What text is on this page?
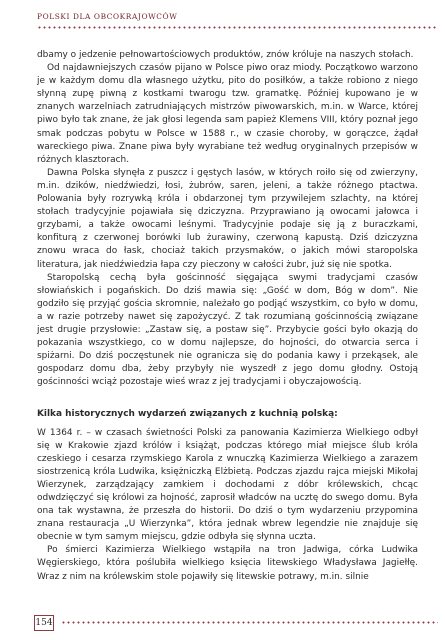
POLSKI DLA OBCOKRAJOWCÓW

dbamy o jedzenie pełnowartościowych produktów, znów króluje na naszych stołach.

Od najdawniejszych czasów pijano w Polsce piwo oraz miody. Początkowo warzono je w każdym domu dla własnego użytku, pito do posiłków, a także robiono z niego słynną zupę piwną z kostkami twarogu tzw. gramatkę. Później kupowano je w znanych warzelniach zatrudniających mistrzów piwowarskich, m.in. w Warce, której piwo było tak znane, że jak głosi legenda sam papież Klemens VIII, który poznał jego smak podczas pobytu w Polsce w 1588 r., w czasie choroby, w gorączce, żądał wareckiego piwa. Znane piwa były wyrabiane też według oryginalnych przepisów w różnych klasztorach.

Dawna Polska słynęła z puszcz i gęstych lasów, w których roiło się od zwierzyny, m.in. dzików, niedźwiedzi, łosi, żubrów, saren, jeleni, a także różnego ptactwa. Polowania były rozrywką króla i obdarzonej tym przywilejem szlachty, na której stołach tradycyjnie pojawiała się dziczyzna. Przyprawiano ją owocami jałowca i grzybami, a także owocami leśnymi. Tradycyjnie podaje się ją z buraczkami, konfiturą z czerwonej borówki lub żurawiny, czerwoną kapustą. Dziś dziczyzna znowu wraca do łask, chociaż takich przysmaków, o jakich mówi staropolska literatura, jak niedźwiedzia łapa czy pieczony w całości żubr, już się nie spotka.

Staropolską cechą była gościnność sięgająca swymi tradycjami czasów słowiańskich i pogańskich. Do dziś mawia się: „Gość w dom, Bóg w dom”. Nie godziło się przyjąć gościa skromnie, należało go podjąć wszystkim, co było w domu, a w razie potrzeby nawet się zapożyczyć. Z tak rozumianą gościnnością związane jest drugie przysłowie: „Zastaw się, a postaw się”. Przybycie gości było okazją do pokazania wszystkiego, co w domu najlepsze, do hojności, do otwarcia serca i spiżarni. Do dziś poczęstunek nie ogranicza się do podania kawy i przekąsek, ale gospodarz domu dba, żeby przybyły nie wyszedł z jego domu głodny. Ostoją gościnności wciąż pozostaje wieś wraz z jej tradycjami i obyczajowością.

Kilka historycznych wydarzeń związanych z kuchnią polską:

W 1364 r. – w czasach świetności Polski za panowania Kazimierza Wielkiego odbył się w Krakowie zjazd królów i książąt, podczas którego miał miejsce ślub króla czeskiego i cesarza rzymskiego Karola z wnuczką Kazimierza Wielkiego a zarazem siostrzenicą króla Ludwika, księżniczką Elżbietą. Podczas zjazdu rajca miejski Mikołaj Wierzynek, zarządzający zamkiem i dochodami z dóbr królewskich, chcąc odwdzięczyć się królowi za hojność, zaprosił władców na ucztę do swego domu. Była ona tak wystawna, że przeszła do historii. Do dziś o tym wydarzeniu przypomina znana restauracja „U Wierzynka”, która jednak wbrew legendzie nie znajduje się obecnie w tym samym miejscu, gdzie odbyła się słynna uczta.

Po śmierci Kazimierza Wielkiego wstąpiła na tron Jadwiga, córka Ludwika Węgierskiego, która poślubiła wielkiego księcia litewskiego Władysława Jagiełłę. Wraz z nim na królewskim stole pojawiły się litewskie potrawy, m.in. silnie

154
